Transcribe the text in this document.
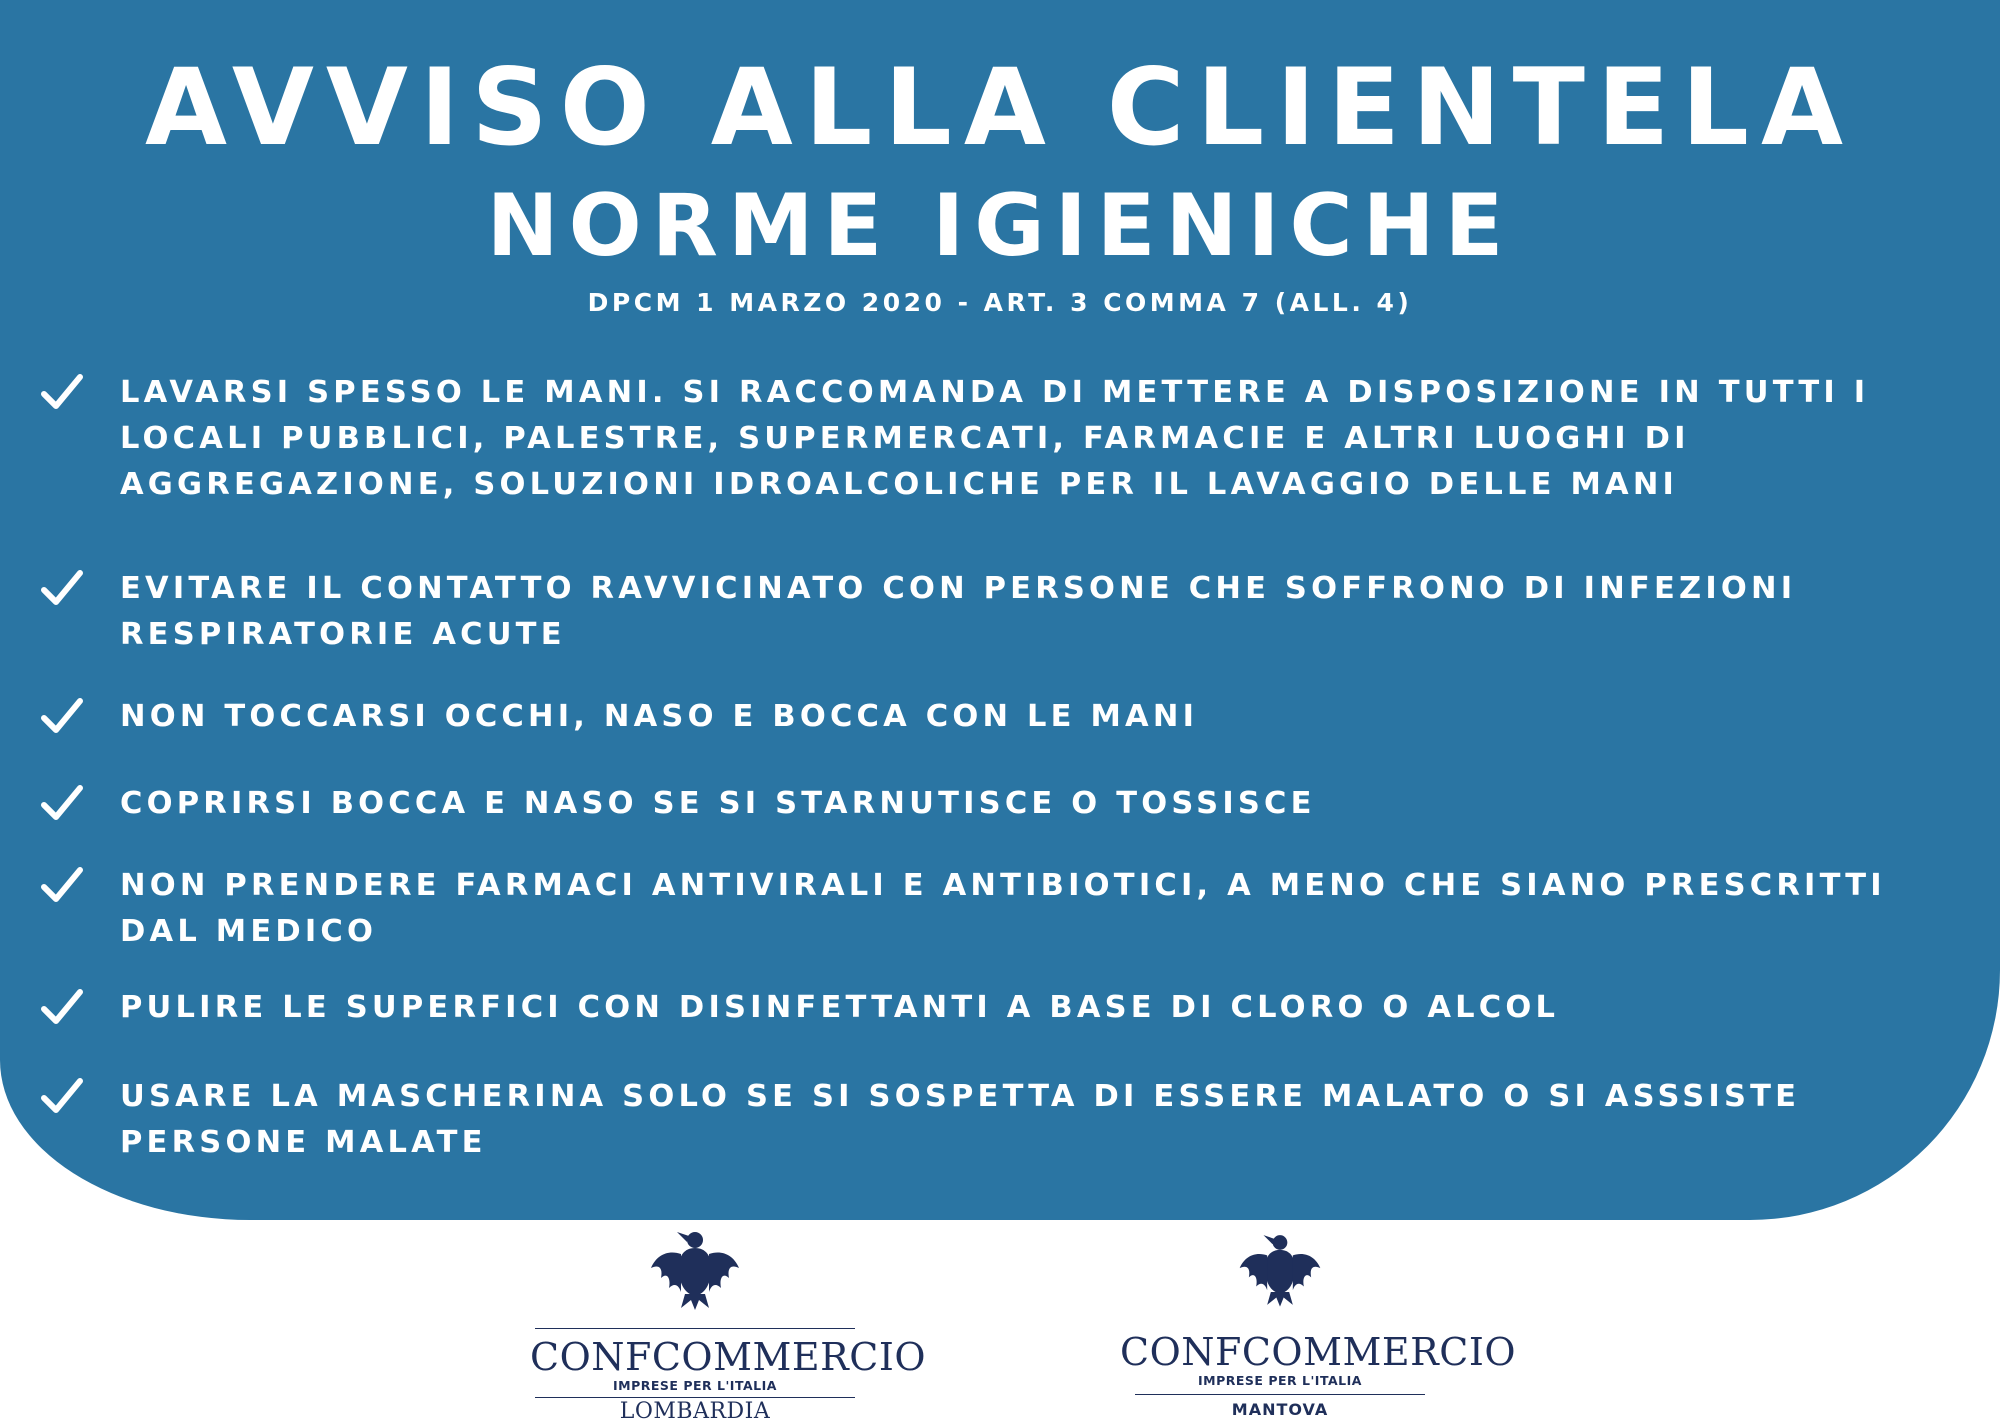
AVVISO ALLA CLIENTELA
NORME IGIENICHE
DPCM 1 MARZO 2020 - ART. 3 COMMA 7 (ALL. 4)
LAVARSI SPESSO LE MANI. SI RACCOMANDA DI METTERE A DISPOSIZIONE IN TUTTI I LOCALI PUBBLICI, PALESTRE, SUPERMERCATI, FARMACIE E ALTRI LUOGHI DI AGGREGAZIONE, SOLUZIONI IDROALCOLICHE PER IL LAVAGGIO DELLE MANI
EVITARE IL CONTATTO RAVVICINATO CON PERSONE CHE SOFFRONO DI INFEZIONI RESPIRATORIE ACUTE
NON TOCCARSI OCCHI, NASO E BOCCA CON LE MANI
COPRIRSI BOCCA E NASO SE SI STARNUTISCE O TOSSISCE
NON PRENDERE FARMACI ANTIVIRALI E ANTIBIOTICI, A MENO CHE SIANO PRESCRITTI DAL MEDICO
PULIRE LE SUPERFICI CON DISINFETTANTI A BASE DI CLORO O ALCOL
USARE LA MASCHERINA SOLO SE SI SOSPETTA DI ESSERE MALATO O SI ASSSISTE PERSONE MALATE
CONFCOMMERCIO
IMPRESE PER L'ITALIA
LOMBARDIA
CONFCOMMERCIO
IMPRESE PER L'ITALIA
MANTOVA
